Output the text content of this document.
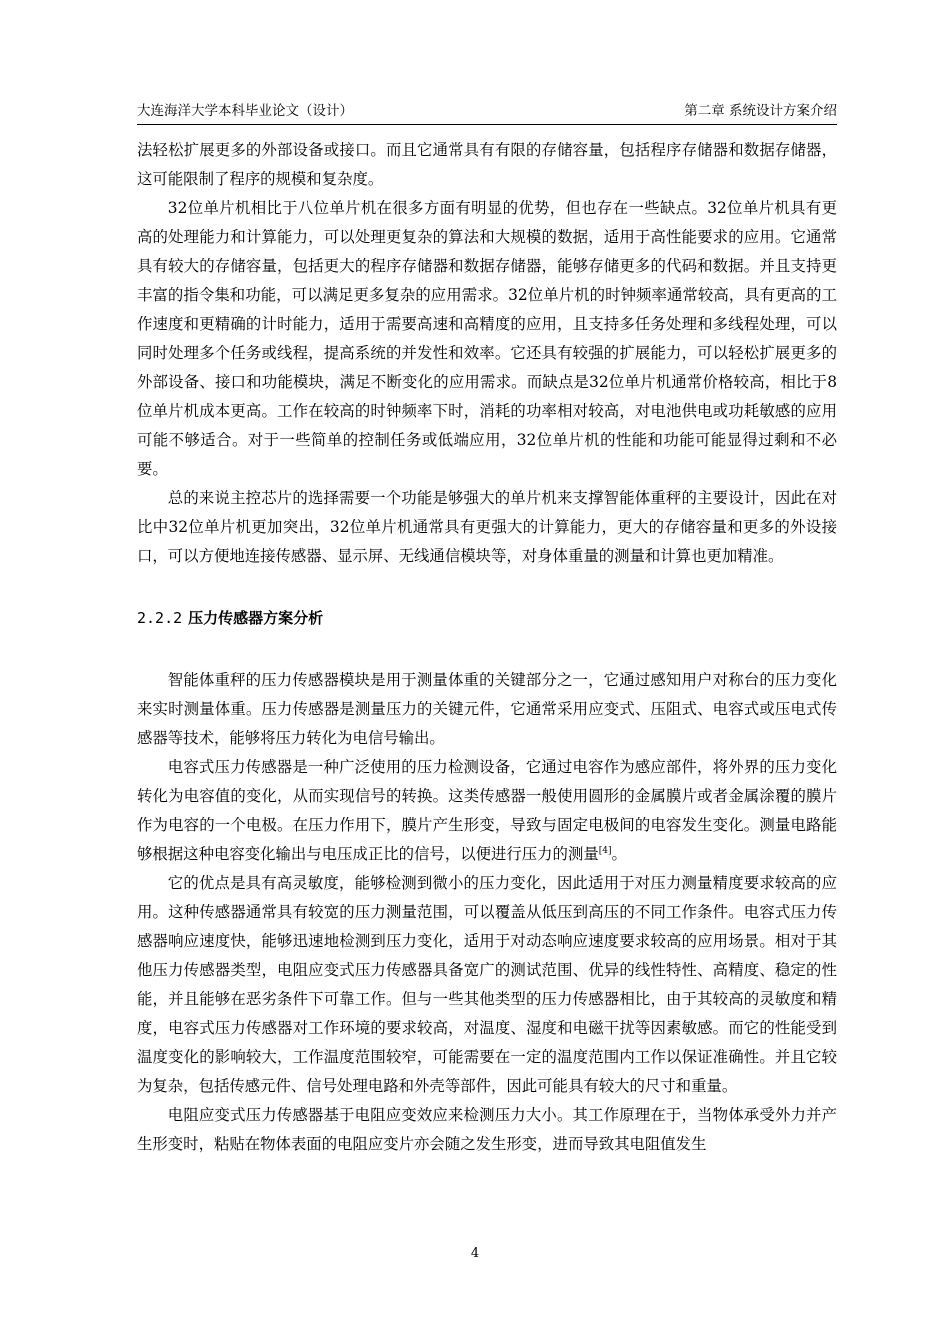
大连海洋大学本科毕业论文（设计）	第二章 系统设计方案介绍

法轻松扩展更多的外部设备或接口。而且它通常具有有限的存储容量，包括程序存储器和数据存储器，这可能限制了程序的规模和复杂度。

32位单片机相比于八位单片机在很多方面有明显的优势，但也存在一些缺点。32位单片机具有更高的处理能力和计算能力，可以处理更复杂的算法和大规模的数据，适用于高性能要求的应用。它通常具有较大的存储容量，包括更大的程序存储器和数据存储器，能够存储更多的代码和数据。并且支持更丰富的指令集和功能，可以满足更多复杂的应用需求。32位单片机的时钟频率通常较高，具有更高的工作速度和更精确的计时能力，适用于需要高速和高精度的应用，且支持多任务处理和多线程处理，可以同时处理多个任务或线程，提高系统的并发性和效率。它还具有较强的扩展能力，可以轻松扩展更多的外部设备、接口和功能模块，满足不断变化的应用需求。而缺点是32位单片机通常价格较高，相比于8位单片机成本更高。工作在较高的时钟频率下时，消耗的功率相对较高，对电池供电或功耗敏感的应用可能不够适合。对于一些简单的控制任务或低端应用，32位单片机的性能和功能可能显得过剩和不必要。

总的来说主控芯片的选择需要一个功能是够强大的单片机来支撑智能体重秤的主要设计，因此在对比中32位单片机更加突出，32位单片机通常具有更强大的计算能力，更大的存储容量和更多的外设接口，可以方便地连接传感器、显示屏、无线通信模块等，对身体重量的测量和计算也更加精准。

2.2.2 压力传感器方案分析

智能体重秤的压力传感器模块是用于测量体重的关键部分之一，它通过感知用户对称台的压力变化来实时测量体重。压力传感器是测量压力的关键元件，它通常采用应变式、压阻式、电容式或压电式传感器等技术，能够将压力转化为电信号输出。

电容式压力传感器是一种广泛使用的压力检测设备，它通过电容作为感应部件，将外界的压力变化转化为电容值的变化，从而实现信号的转换。这类传感器一般使用圆形的金属膜片或者金属涂覆的膜片作为电容的一个电极。在压力作用下，膜片产生形变，导致与固定电极间的电容发生变化。测量电路能够根据这种电容变化输出与电压成正比的信号，以便进行压力的测量[4]。

它的优点是具有高灵敏度，能够检测到微小的压力变化，因此适用于对压力测量精度要求较高的应用。这种传感器通常具有较宽的压力测量范围，可以覆盖从低压到高压的不同工作条件。电容式压力传感器响应速度快，能够迅速地检测到压力变化，适用于对动态响应速度要求较高的应用场景。相对于其他压力传感器类型，电阻应变式压力传感器具备宽广的测试范围、优异的线性特性、高精度、稳定的性能，并且能够在恶劣条件下可靠工作。但与一些其他类型的压力传感器相比，由于其较高的灵敏度和精度，电容式压力传感器对工作环境的要求较高，对温度、湿度和电磁干扰等因素敏感。而它的性能受到温度变化的影响较大，工作温度范围较窄，可能需要在一定的温度范围内工作以保证准确性。并且它较为复杂，包括传感元件、信号处理电路和外壳等部件，因此可能具有较大的尺寸和重量。

电阻应变式压力传感器基于电阻应变效应来检测压力大小。其工作原理在于，当物体承受外力并产生形变时，粘贴在物体表面的电阻应变片亦会随之发生形变，进而导致其电阻值发生

4
